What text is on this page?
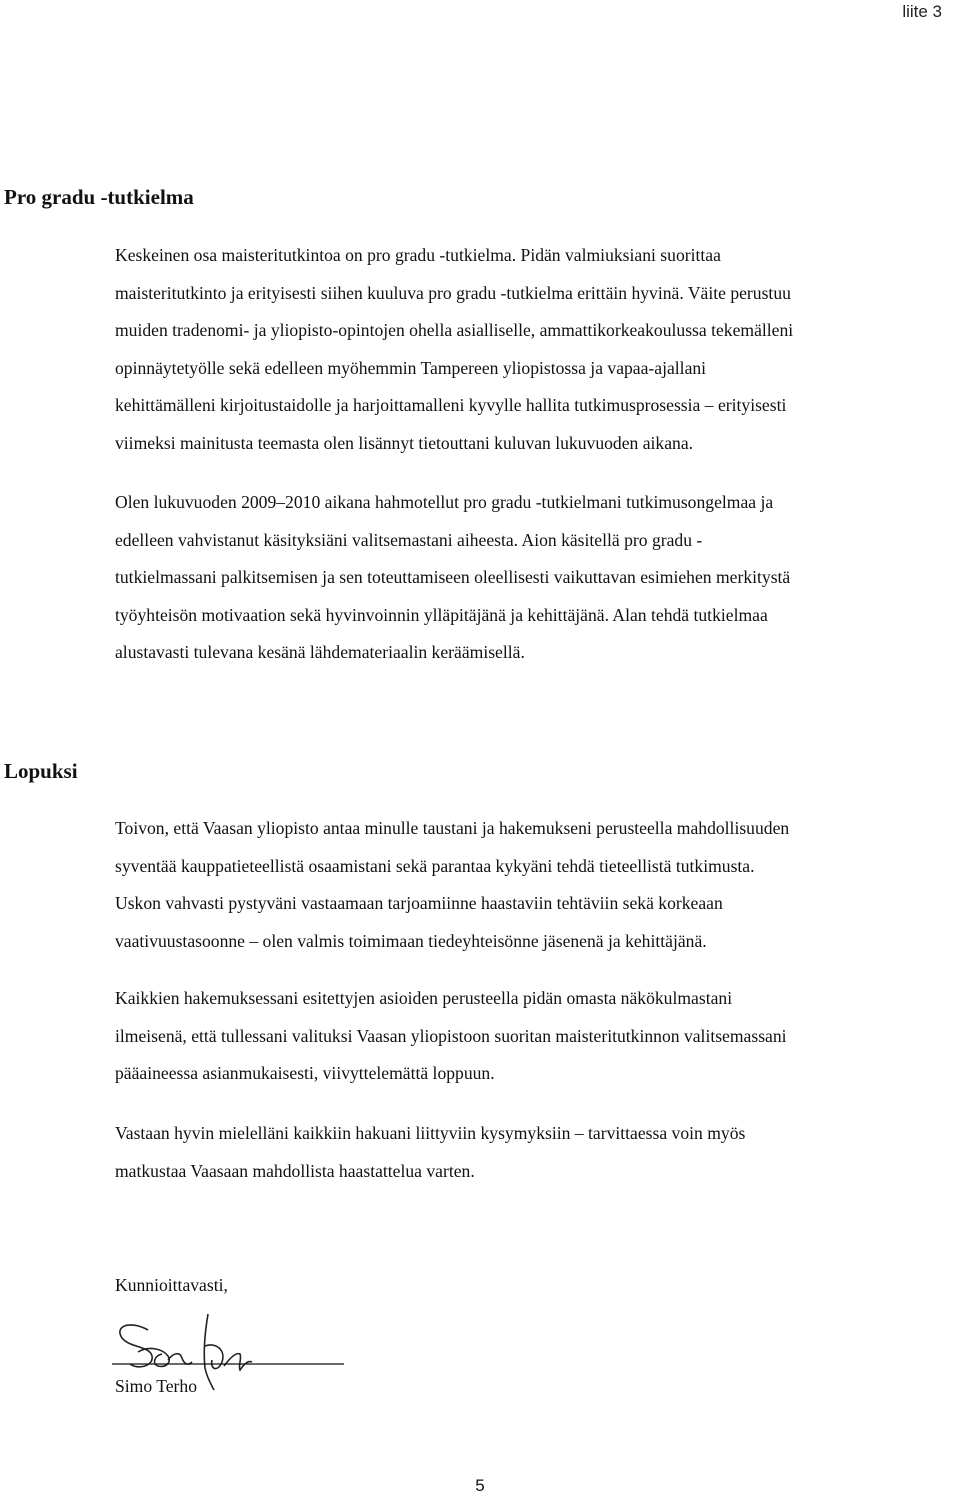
liite 3
Pro gradu -tutkielma

Keskeinen osa maisteritutkintoa on pro gradu -tutkielma. Pidän valmiuksiani suorittaa
maisteritutkinto ja erityisesti siihen kuuluva pro gradu -tutkielma erittäin hyvinä. Väite perustuu
muiden tradenomi- ja yliopisto-opintojen ohella asialliselle, ammattikorkeakoulussa tekemälleni
opinnäytetyölle sekä edelleen myöhemmin Tampereen yliopistossa ja vapaa-ajallani
kehittämälleni kirjoitustaidolle ja harjoittamalleni kyvylle hallita tutkimusprosessia – erityisesti
viimeksi mainitusta teemasta olen lisännyt tietouttani kuluvan lukuvuoden aikana.

Olen lukuvuoden 2009–2010 aikana hahmotellut pro gradu -tutkielmani tutkimusongelmaa ja
edelleen vahvistanut käsityksiäni valitsemastani aiheesta. Aion käsitellä pro gradu -
tutkielmassani palkitsemisen ja sen toteuttamiseen oleellisesti vaikuttavan esimiehen merkitystä
työyhteisön motivaation sekä hyvinvoinnin ylläpitäjänä ja kehittäjänä. Alan tehdä tutkielmaa
alustavasti tulevana kesänä lähdemateriaalin keräämisellä.

Lopuksi

Toivon, että Vaasan yliopisto antaa minulle taustani ja hakemukseni perusteella mahdollisuuden
syventää kauppatieteellistä osaamistani sekä parantaa kykyäni tehdä tieteellistä tutkimusta.
Uskon vahvasti pystyväni vastaamaan tarjoamiinne haastaviin tehtäviin sekä korkeaan
vaativuustasoonne – olen valmis toimimaan tiedeyhteisönne jäsenenä ja kehittäjänä.

Kaikkien hakemuksessani esitettyjen asioiden perusteella pidän omasta näkökulmastani
ilmeisenä, että tullessani valituksi Vaasan yliopistoon suoritan maisteritutkinnon valitsemassani
pääaineessa asianmukaisesti, viivyttelemättä loppuun.

Vastaan hyvin mielelläni kaikkiin hakuani liittyviin kysymyksiin – tarvittaessa voin myös
matkustaa Vaasaan mahdollista haastattelua varten.

Kunnioittavasti,

Simo Terho

5
